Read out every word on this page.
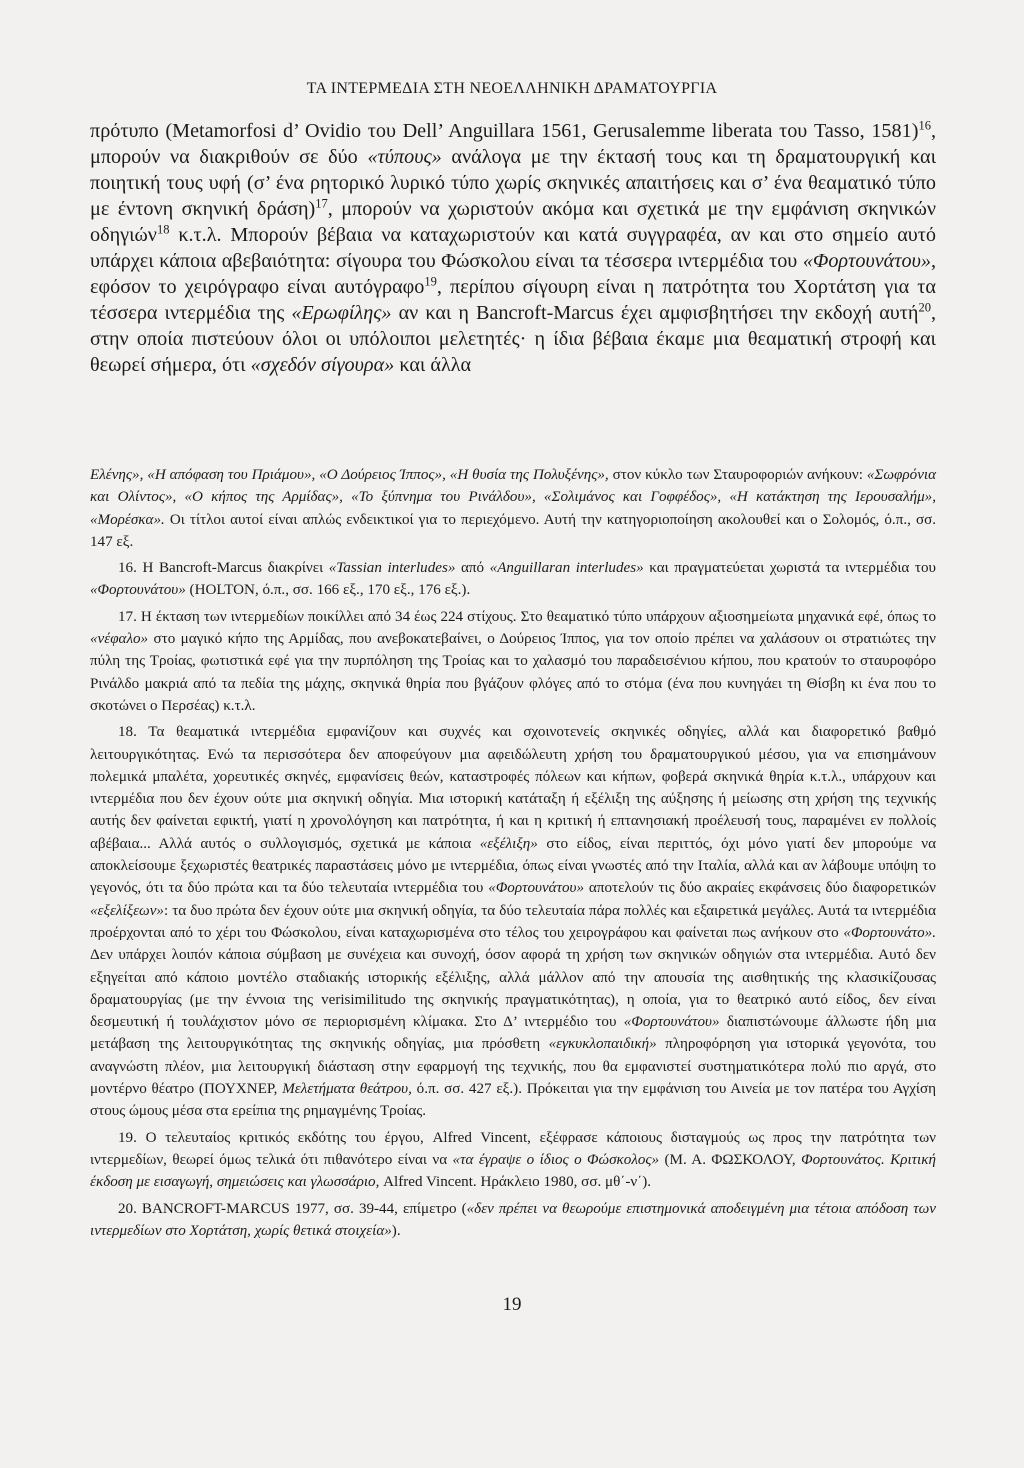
ΤΑ ΙΝΤΕΡΜΕΔΙΑ ΣΤΗ ΝΕΟΕΛΛΗΝΙΚΗ ΔΡΑΜΑΤΟΥΡΓΙΑ

πρότυπο (Metamorfosi d’ Ovidio του Dell’ Anguillara 1561, Gerusalemme liberata του Tasso, 1581)$^{16}$, μπορούν να διακριθούν σε δύο «τύπους» ανάλογα με την έκτασή τους και τη δραματουργική και ποιητική τους υφή (σ’ ένα ρητορικό λυρικό τύπο χωρίς σκηνικές απαιτήσεις και σ’ ένα θεαματικό τύπο με έντονη σκηνική δράση)$^{17}$, μπορούν να χωριστούν ακόμα και σχετικά με την εμφάνιση σκηνικών οδηγιών$^{18}$ κ.τ.λ. Μπορούν βέβαια να καταχωριστούν και κατά συγγραφέα, αν και στο σημείο αυτό υπάρχει κάποια αβεβαιότητα: σίγουρα του Φώσκολου είναι τα τέσσερα ιντερμέδια του «Φορτουνάτου», εφόσον το χειρόγραφο είναι αυτόγραφο$^{19}$, περίπου σίγουρη είναι η πατρότητα του Χορτάτση για τα τέσσερα ιντερμέδια της «Ερωφίλης» αν και η Bancroft-Marcus έχει αμφισβητήσει την εκδοχή αυτή$^{20}$, στην οποία πιστεύουν όλοι οι υπόλοιποι μελετητές· η ίδια βέβαια έκαμε μια θεαματική στροφή και θεωρεί σήμερα, ότι «σχεδόν σίγουρα» και άλλα

Ελένης», «Η απόφαση του Πριάμου», «Ο Δούρειος Ίππος», «Η θυσία της Πολυξένης», στον κύκλο των Σταυροφοριών ανήκουν: «Σωφρόνια και Ολίντος», «Ο κήπος της Αρμίδας», «Το ξύπνημα του Ρινάλδου», «Σολιμάνος και Γοφφέδος», «Η κατάκτηση της Ιερουσαλήμ», «Μορέσκα». Οι τίτλοι αυτοί είναι απλώς ενδεικτικοί για το περιεχόμενο. Αυτή την κατηγοριοποίηση ακολουθεί και ο Σολομός, ό.π., σσ. 147 εξ.

16. Η Bancroft-Marcus διακρίνει «Tassian interludes» από «Anguillaran interludes» και πραγματεύεται χωριστά τα ιντερμέδια του «Φορτουνάτου» (HOLTON, ό.π., σσ. 166 εξ., 170 εξ., 176 εξ.).

17. Η έκταση των ιντερμεδίων ποικίλλει από 34 έως 224 στίχους. Στο θεαματικό τύπο υπάρχουν αξιοσημείωτα μηχανικά εφέ, όπως το «νέφαλο» στο μαγικό κήπο της Αρμίδας, που ανεβοκατεβαίνει, ο Δούρειος Ίππος, για τον οποίο πρέπει να χαλάσουν οι στρατιώτες την πύλη της Τροίας, φωτιστικά εφέ για την πυρπόληση της Τροίας και το χαλασμό του παραδεισένιου κήπου, που κρατούν το σταυροφόρο Ρινάλδο μακριά από τα πεδία της μάχης, σκηνικά θηρία που βγάζουν φλόγες από το στόμα (ένα που κυνηγάει τη Θίσβη κι ένα που το σκοτώνει ο Περσέας) κ.τ.λ.

18. Τα θεαματικά ιντερμέδια εμφανίζουν και συχνές και σχοινοτενείς σκηνικές οδηγίες, αλλά και διαφορετικό βαθμό λειτουργικότητας. Ενώ τα περισσότερα δεν αποφεύγουν μια αφειδώλευτη χρήση του δραματουργικού μέσου, για να επισημάνουν πολεμικά μπαλέτα, χορευτικές σκηνές, εμφανίσεις θεών, καταστροφές πόλεων και κήπων, φοβερά σκηνικά θηρία κ.τ.λ., υπάρχουν και ιντερμέδια που δεν έχουν ούτε μια σκηνική οδηγία. Μια ιστορική κατάταξη ή εξέλιξη της αύξησης ή μείωσης στη χρήση της τεχνικής αυτής δεν φαίνεται εφικτή, γιατί η χρονολόγηση και πατρότητα, ή και η κριτική ή επτανησιακή προέλευσή τους, παραμένει εν πολλοίς αβέβαια... Αλλά αυτός ο συλλογισμός, σχετικά με κάποια «εξέλιξη» στο είδος, είναι περιττός, όχι μόνο γιατί δεν μπορούμε να αποκλείσουμε ξεχωριστές θεατρικές παραστάσεις μόνο με ιντερμέδια, όπως είναι γνωστές από την Ιταλία, αλλά και αν λάβουμε υπόψη το γεγονός, ότι τα δύο πρώτα και τα δύο τελευταία ιντερμέδια του «Φορτουνάτου» αποτελούν τις δύο ακραίες εκφάνσεις δύο διαφορετικών «εξελίξεων»: τα δυο πρώτα δεν έχουν ούτε μια σκηνική οδηγία, τα δύο τελευταία πάρα πολλές και εξαιρετικά μεγάλες. Αυτά τα ιντερμέδια προέρχονται από το χέρι του Φώσκολου, είναι καταχωρισμένα στο τέλος του χειρογράφου και φαίνεται πως ανήκουν στο «Φορτουνάτο». Δεν υπάρχει λοιπόν κάποια σύμβαση με συνέχεια και συνοχή, όσον αφορά τη χρήση των σκηνικών οδηγιών στα ιντερμέδια. Αυτό δεν εξηγείται από κάποιο μοντέλο σταδιακής ιστορικής εξέλιξης, αλλά μάλλον από την απουσία της αισθητικής της κλασικίζουσας δραματουργίας (με την έννοια της verisimilitudo της σκηνικής πραγματικότητας), η οποία, για το θεατρικό αυτό είδος, δεν είναι δεσμευτική ή τουλάχιστον μόνο σε περιορισμένη κλίμακα. Στο Δ’ ιντερμέδιο του «Φορτουνάτου» διαπιστώνουμε άλλωστε ήδη μια μετάβαση της λειτουργικότητας της σκηνικής οδηγίας, μια πρόσθετη «εγκυκλοπαιδική» πληροφόρηση για ιστορικά γεγονότα, του αναγνώστη πλέον, μια λειτουργική διάσταση στην εφαρμογή της τεχνικής, που θα εμφανιστεί συστηματικότερα πολύ πιο αργά, στο μοντέρνο θέατρο (ΠΟΥΧΝΕΡ, Μελετήματα θεάτρου, ό.π. σσ. 427 εξ.). Πρόκειται για την εμφάνιση του Αινεία με τον πατέρα του Αγχίση στους ώμους μέσα στα ερείπια της ρημαγμένης Τροίας.

19. Ο τελευταίος κριτικός εκδότης του έργου, Alfred Vincent, εξέφρασε κάποιους δισταγμούς ως προς την πατρότητα των ιντερμεδίων, θεωρεί όμως τελικά ότι πιθανότερο είναι να «τα έγραψε ο ίδιος ο Φώσκολος» (Μ. Α. ΦΩΣΚΟΛΟΥ, Φορτουνάτος. Κριτική έκδοση με εισαγωγή, σημειώσεις και γλωσσάριο, Alfred Vincent. Ηράκλειο 1980, σσ. μθ΄-ν΄).

20. BANCROFT-MARCUS 1977, σσ. 39-44, επίμετρο («δεν πρέπει να θεωρούμε επιστημονικά αποδειγμένη μια τέτοια απόδοση των ιντερμεδίων στο Χορτάτση, χωρίς θετικά στοιχεία»).

19
